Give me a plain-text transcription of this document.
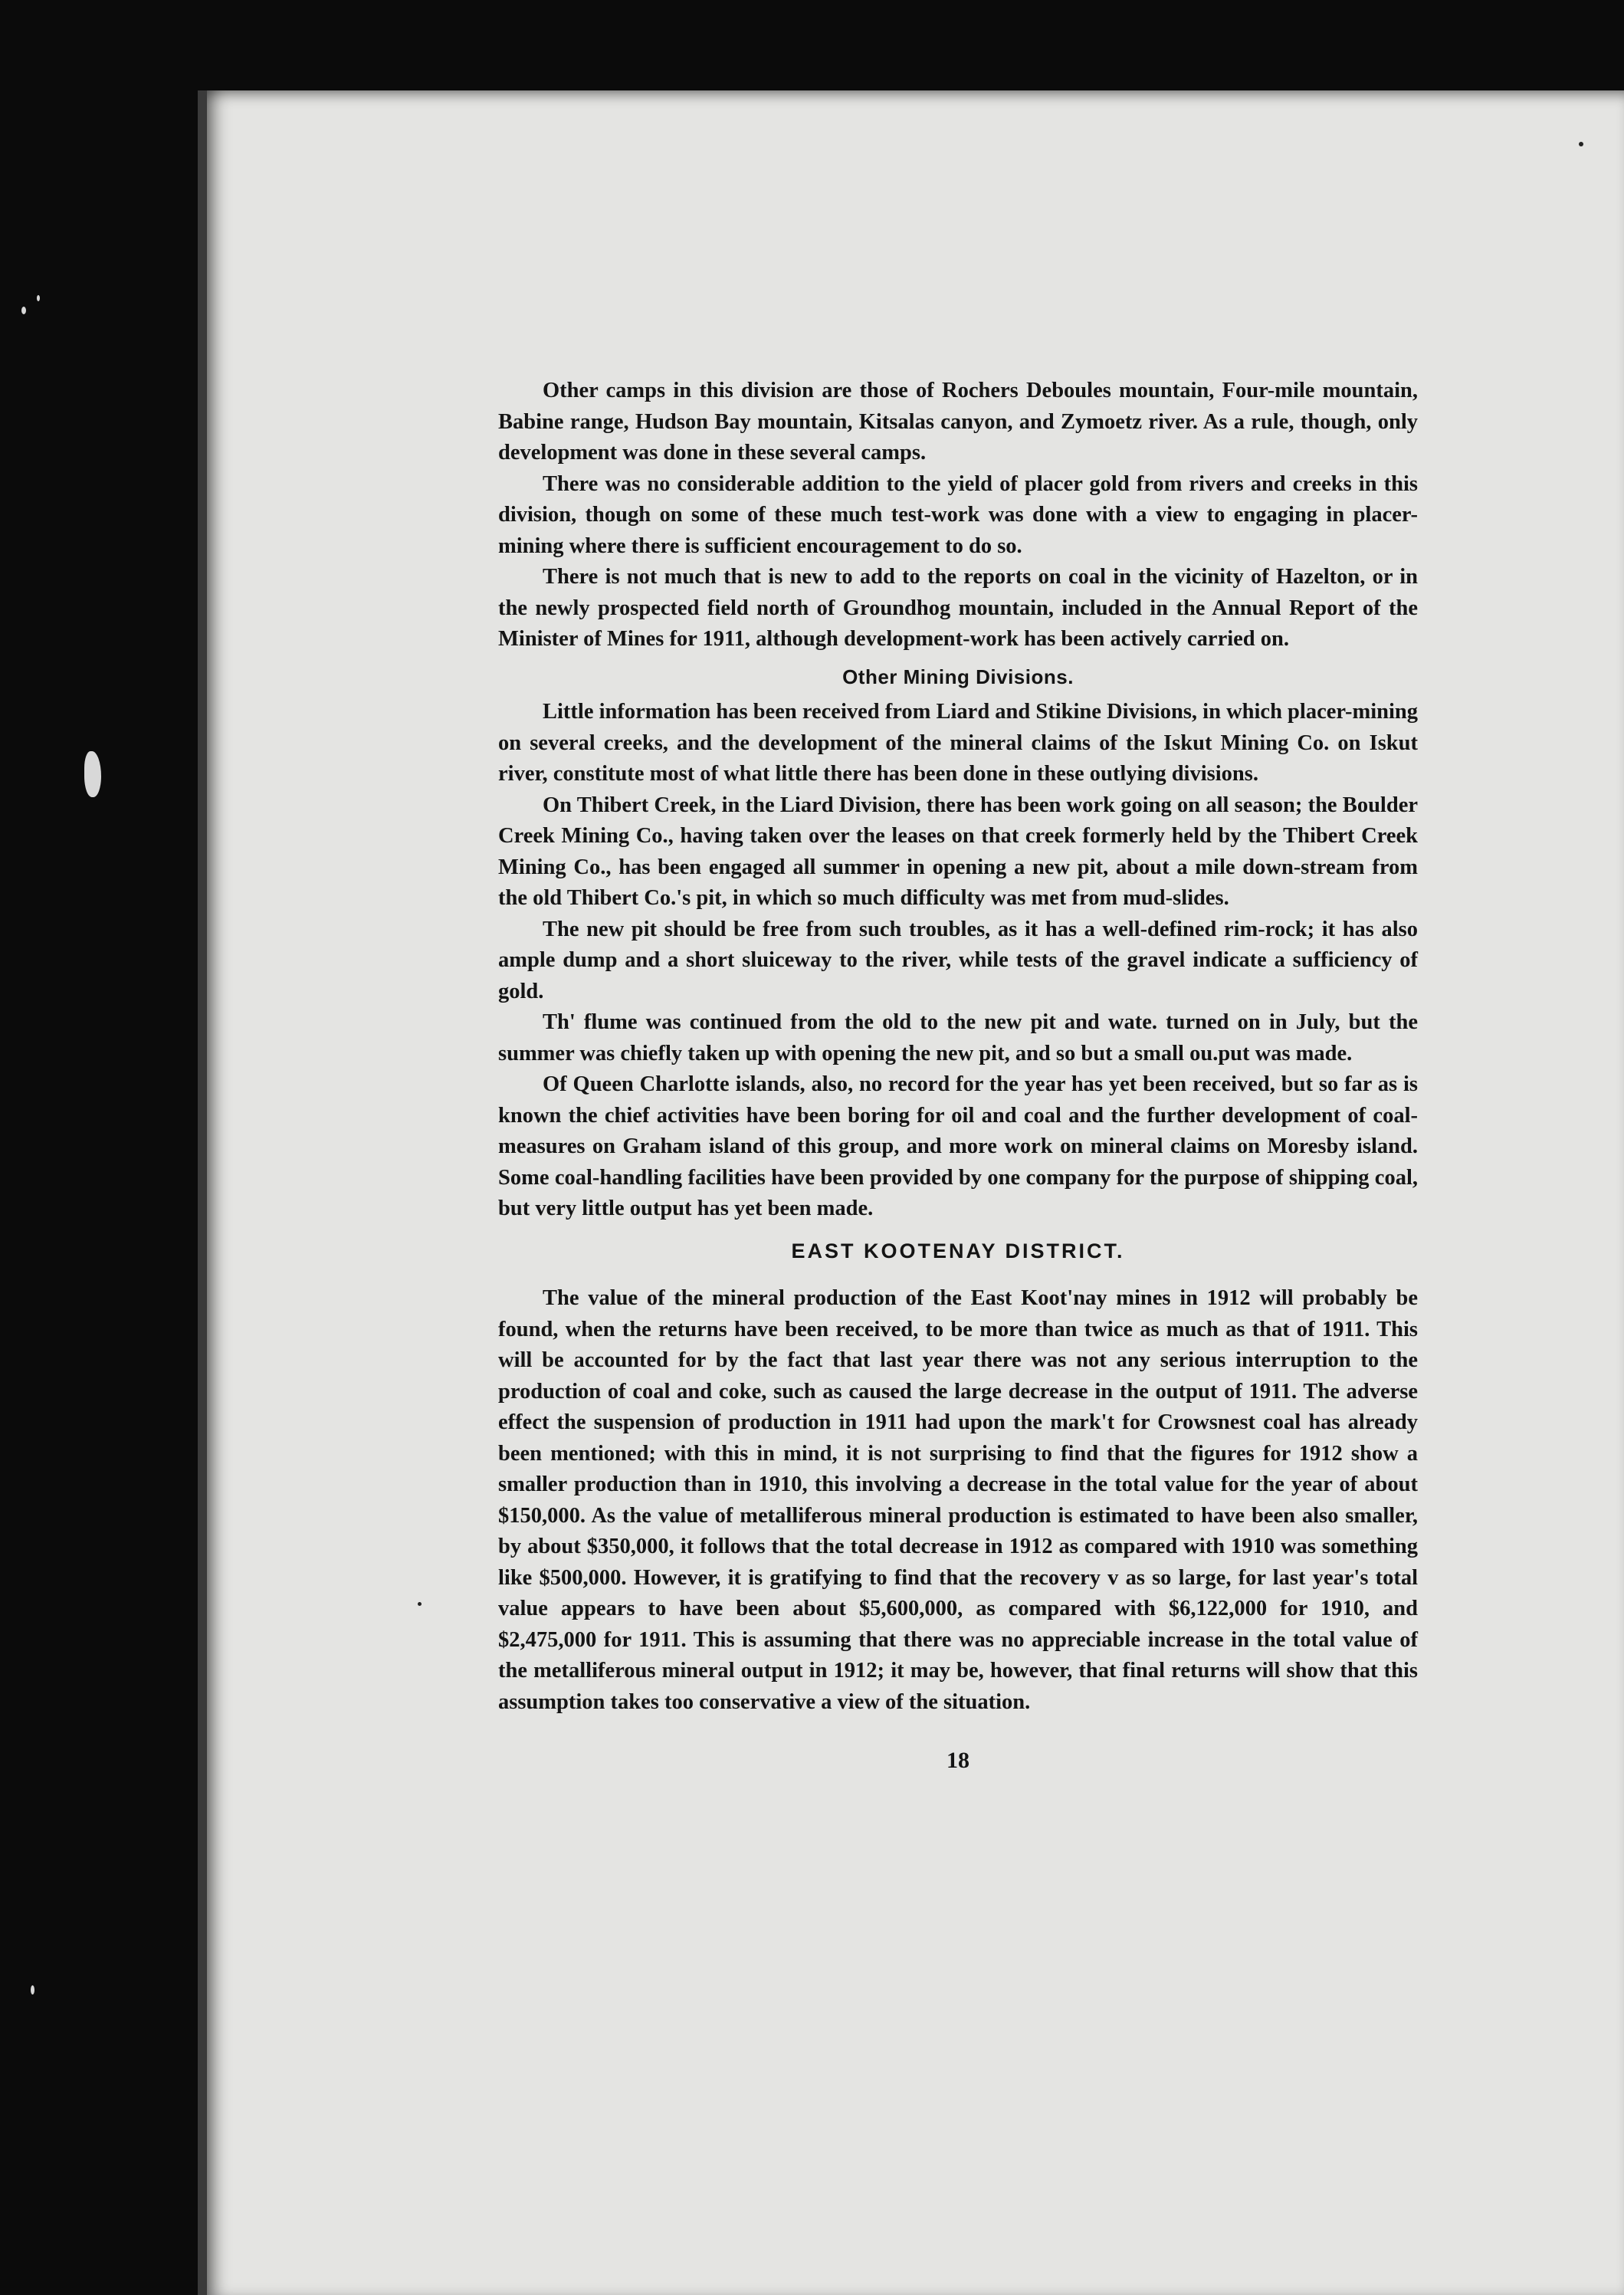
Other camps in this division are those of Rochers Deboules mountain, Four-mile mountain, Babine range, Hudson Bay mountain, Kitsalas canyon, and Zymoetz river. As a rule, though, only development was done in these several camps.

There was no considerable addition to the yield of placer gold from rivers and creeks in this division, though on some of these much test-work was done with a view to engaging in placer-mining where there is sufficient encouragement to do so.

There is not much that is new to add to the reports on coal in the vicinity of Hazelton, or in the newly prospected field north of Groundhog mountain, included in the Annual Report of the Minister of Mines for 1911, although development-work has been actively carried on.

Other Mining Divisions.

Little information has been received from Liard and Stikine Divisions, in which placer-mining on several creeks, and the development of the mineral claims of the Iskut Mining Co. on Iskut river, constitute most of what little there has been done in these outlying divisions.

On Thibert Creek, in the Liard Division, there has been work going on all season; the Boulder Creek Mining Co., having taken over the leases on that creek formerly held by the Thibert Creek Mining Co., has been engaged all summer in opening a new pit, about a mile down-stream from the old Thibert Co.'s pit, in which so much difficulty was met from mud-slides.

The new pit should be free from such troubles, as it has a well-defined rim-rock; it has also ample dump and a short sluiceway to the river, while tests of the gravel indicate a sufficiency of gold.

Th' flume was continued from the old to the new pit and wate. turned on in July, but the summer was chiefly taken up with opening the new pit, and so but a small ou.put was made.

Of Queen Charlotte islands, also, no record for the year has yet been received, but so far as is known the chief activities have been boring for oil and coal and the further development of coal-measures on Graham island of this group, and more work on mineral claims on Moresby island. Some coal-handling facilities have been provided by one company for the purpose of shipping coal, but very little output has yet been made.

EAST KOOTENAY DISTRICT.

The value of the mineral production of the East Koot'nay mines in 1912 will probably be found, when the returns have been received, to be more than twice as much as that of 1911. This will be accounted for by the fact that last year there was not any serious interruption to the production of coal and coke, such as caused the large decrease in the output of 1911. The adverse effect the suspension of production in 1911 had upon the mark't for Crowsnest coal has already been mentioned; with this in mind, it is not surprising to find that the figures for 1912 show a smaller production than in 1910, this involving a decrease in the total value for the year of about $150,000. As the value of metalliferous mineral production is estimated to have been also smaller, by about $350,000, it follows that the total decrease in 1912 as compared with 1910 was something like $500,000. However, it is gratifying to find that the recovery v as so large, for last year's total value appears to have been about $5,600,000, as compared with $6,122,000 for 1910, and $2,475,000 for 1911. This is assuming that there was no appreciable increase in the total value of the metalliferous mineral output in 1912; it may be, however, that final returns will show that this assumption takes too conservative a view of the situation.

18
